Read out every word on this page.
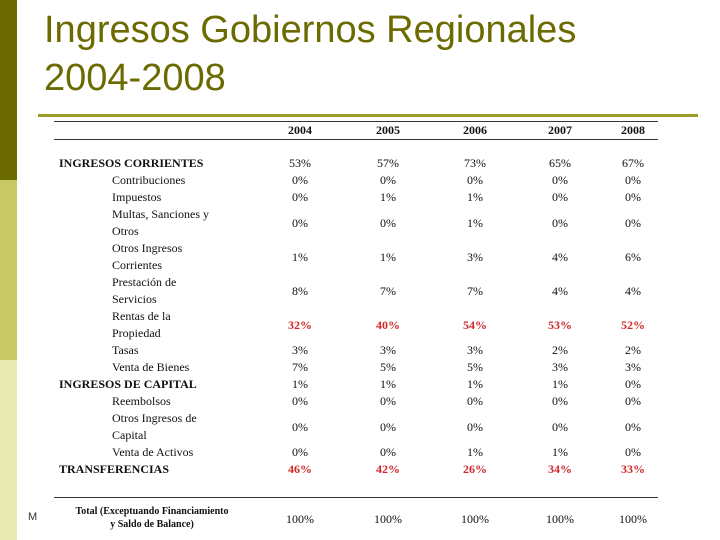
Ingresos Gobiernos Regionales
2004-2008
M
2004	2005	2006	2007	2008
INGRESOS CORRIENTES	53%	57%	73%	65%	67%
Contribuciones	0%	0%	0%	0%	0%
Impuestos	0%	1%	1%	0%	0%
Multas, Sanciones y
Otros
0%	0%	1%	0%	0%
Otros Ingresos
Corrientes
1%	1%	3%	4%	6%
Prestación de
Servicios
8%	7%	7%	4%	4%
Rentas de la
Propiedad
32%	40%	54%	53%	52%
Tasas	3%	3%	3%	2%	2%
Venta de Bienes	7%	5%	5%	3%	3%
INGRESOS DE CAPITAL	1%	1%	1%	1%	0%
Reembolsos	0%	0%	0%	0%	0%
Otros Ingresos de
Capital
0%	0%	0%	0%	0%
Venta de Activos	0%	0%	1%	1%	0%
TRANSFERENCIAS	46%	42%	26%	34%	33%
Total (Exceptuando Financiamiento
y Saldo de Balance)	100%	100%	100%	100%	100%
